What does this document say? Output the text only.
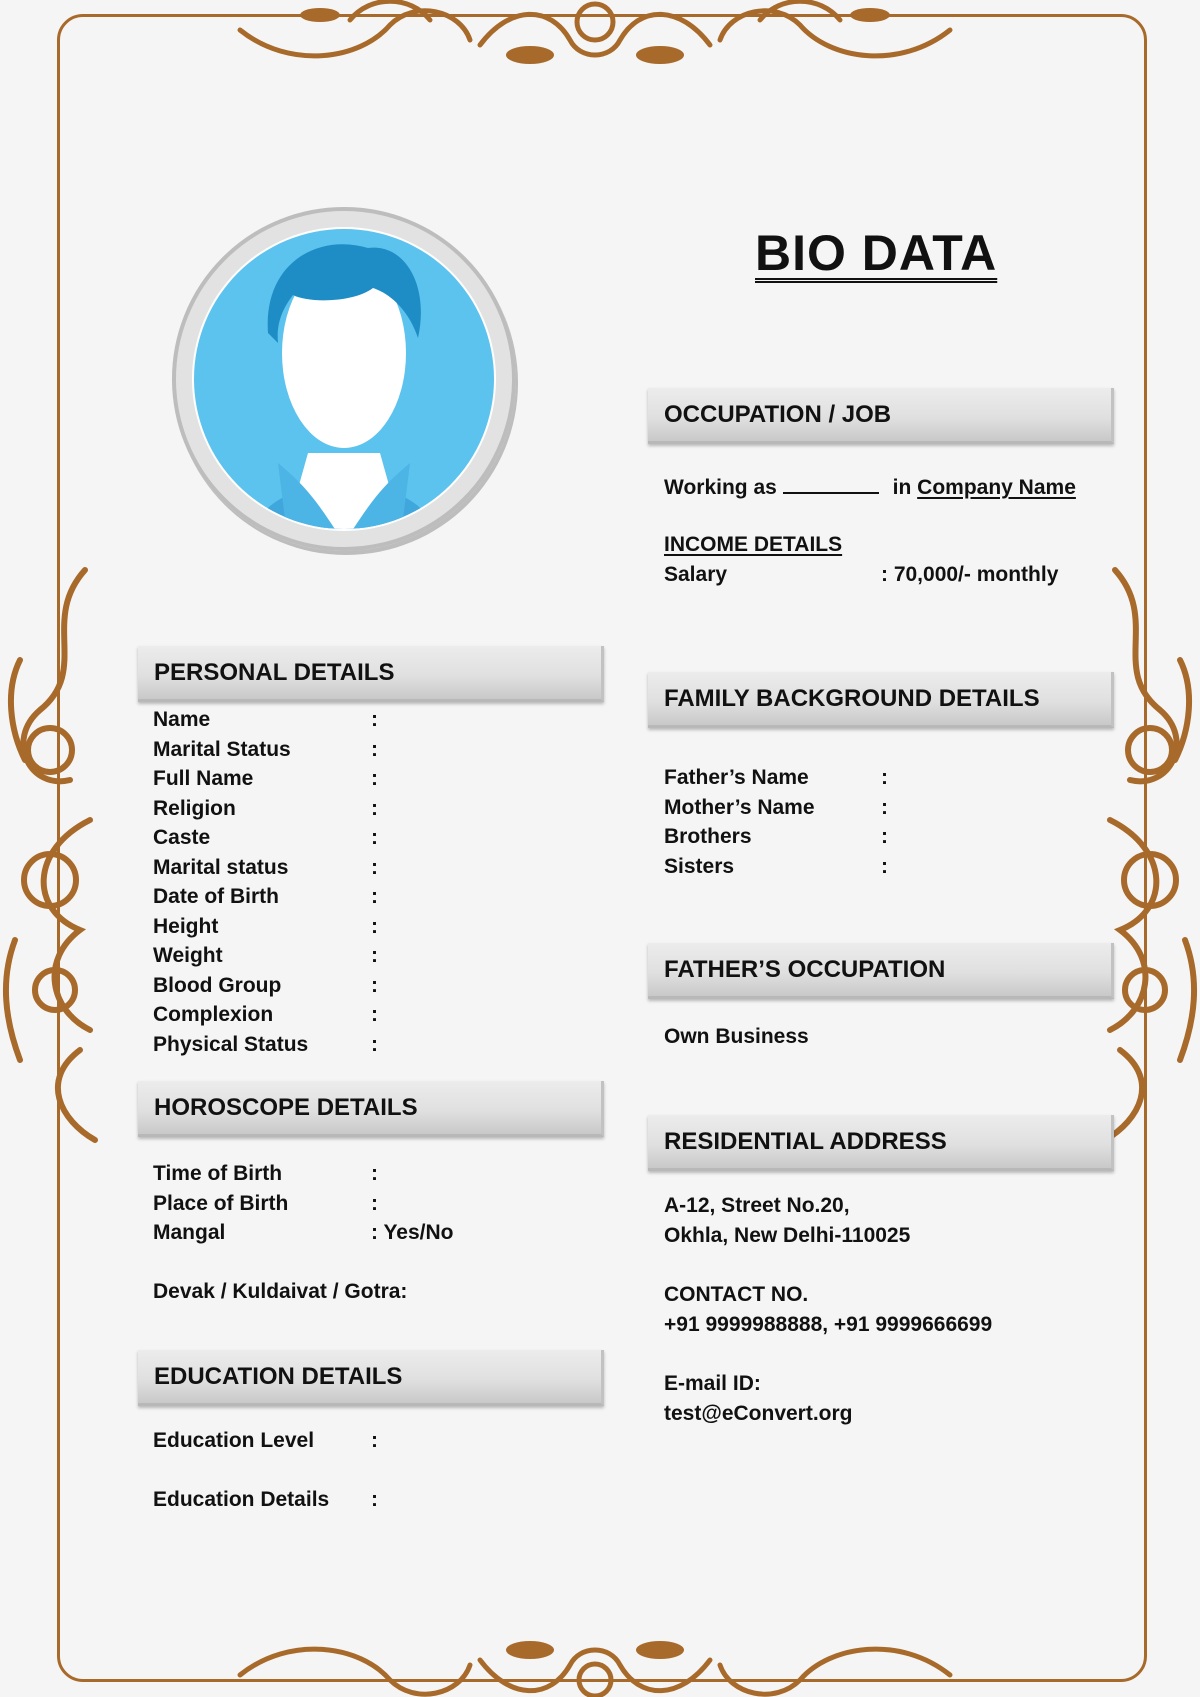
BIO DATA
OCCUPATION / JOB
Working as	in Company Name
INCOME DETAILS
Salary	: 70,000/- monthly
PERSONAL DETAILS
Name
Marital Status
Full Name
Religion
Caste
Marital status
Date of Birth
Height
Weight
Blood Group
Complexion
Physical Status
:
:
:
:
:
:
:
:
:
:
:
:
FAMILY BACKGROUND DETAILS
Father’s Name
Mother’s Name
Brothers
Sisters
:
:
:
:
FATHER’S OCCUPATION
Own Business
HOROSCOPE DETAILS
Time of Birth
Place of Birth
Mangal
:
:
: Yes/No
Devak / Kuldaivat / Gotra:
RESIDENTIAL ADDRESS
A-12, Street No.20,
Okhla, New Delhi-110025
CONTACT NO.
+91 9999988888, +91 9999666699
E-mail ID:
test@eConvert.org
EDUCATION DETAILS
Education Level
Education Details
:
:
